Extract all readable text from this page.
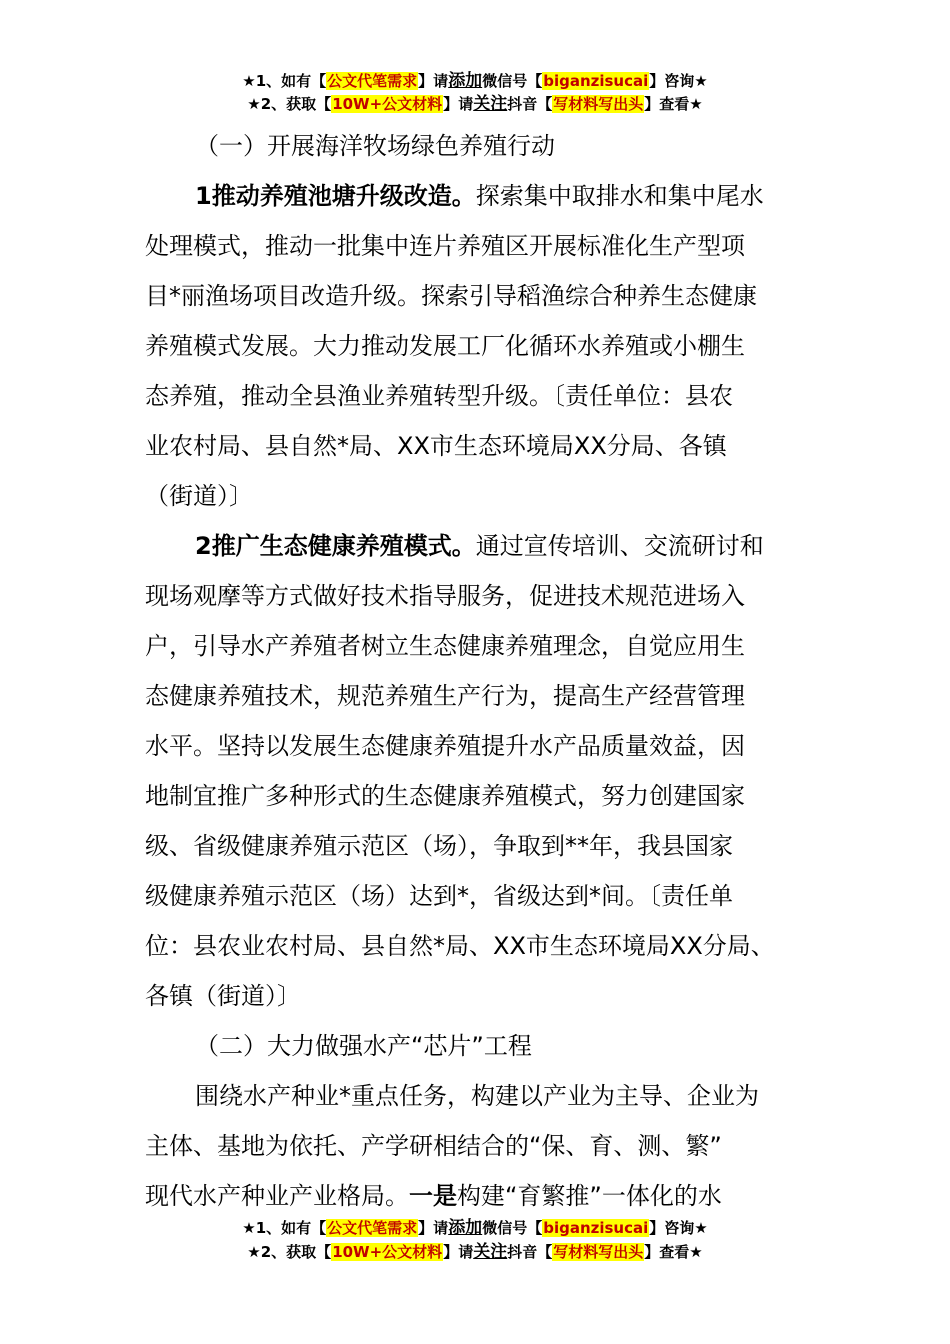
★1、如有【公文代笔需求】请添加微信号【biganzisucai】咨询★
★2、获取【10W+公文材料】请关注抖音【写材料写出头】查看★
（一）开展海洋牧场绿色养殖行动
1推动养殖池塘升级改造。探索集中取排水和集中尾水
处理模式，推动一批集中连片养殖区开展标准化生产型项
目*丽渔场项目改造升级。探索引导稻渔综合种养生态健康
养殖模式发展。大力推动发展工厂化循环水养殖或小棚生
态养殖，推动全县渔业养殖转型升级。〔责任单位：县农
业农村局、县自然*局、XX市生态环境局XX分局、各镇
（街道）〕
2推广生态健康养殖模式。通过宣传培训、交流研讨和
现场观摩等方式做好技术指导服务，促进技术规范进场入
户，引导水产养殖者树立生态健康养殖理念，自觉应用生
态健康养殖技术，规范养殖生产行为，提高生产经营管理
水平。坚持以发展生态健康养殖提升水产品质量效益，因
地制宜推广多种形式的生态健康养殖模式，努力创建国家
级、省级健康养殖示范区（场），争取到**年，我县国家
级健康养殖示范区（场）达到*，省级达到*间。〔责任单
位：县农业农村局、县自然*局、XX市生态环境局XX分局、
各镇（街道）〕
（二）大力做强水产“芯片”工程
围绕水产种业*重点任务，构建以产业为主导、企业为
主体、基地为依托、产学研相结合的“保、育、测、繁”
现代水产种业产业格局。一是构建“育繁推”一体化的水
★1、如有【公文代笔需求】请添加微信号【biganzisucai】咨询★
★2、获取【10W+公文材料】请关注抖音【写材料写出头】查看★
